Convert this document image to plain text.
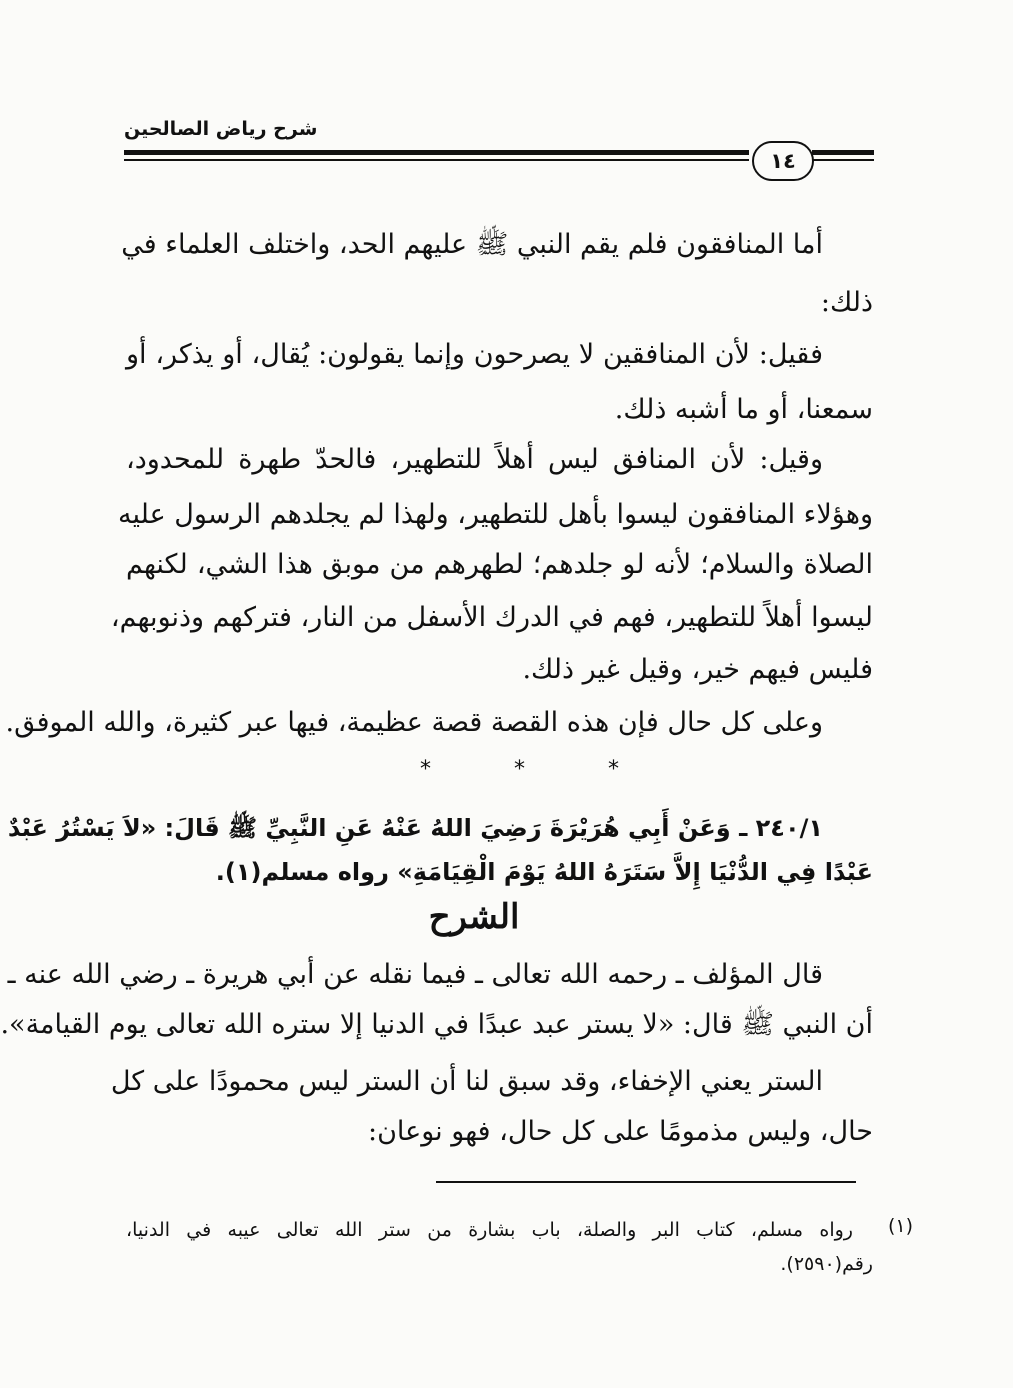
شرح رياض الصالحين
١٤
أما المنافقون فلم يقم النبي ﷺ عليهم الحد، واختلف العلماء في
ذلك:
فقيل: لأن المنافقين لا يصرحون وإنما يقولون: يُقال، أو يذكر، أو
سمعنا، أو ما أشبه ذلك.
وقيل: لأن المنافق ليس أهلاً للتطهير، فالحدّ طهرة للمحدود،
وهؤلاء المنافقون ليسوا بأهل للتطهير، ولهذا لم يجلدهم الرسول عليه
الصلاة والسلام؛ لأنه لو جلدهم؛ لطهرهم من موبق هذا الشي، لكنهم
ليسوا أهلاً للتطهير، فهم في الدرك الأسفل من النار، فتركهم وذنوبهم،
فليس فيهم خير، وقيل غير ذلك.
وعلى كل حال فإن هذه القصة قصة عظيمة، فيها عبر كثيرة، والله الموفق.
* * *
٢٤٠/١ ـ وَعَنْ أَبِي هُرَيْرَةَ رَضِيَ اللهُ عَنْهُ عَنِ النَّبِيِّ ﷺ قَالَ: «لاَ يَسْتُرُ عَبْدٌ
عَبْدًا فِي الدُّنْيَا إِلاَّ سَتَرَهُ اللهُ يَوْمَ الْقِيَامَةِ» رواه مسلم(١).
الشرح
قال المؤلف ـ رحمه الله تعالى ـ فيما نقله عن أبي هريرة ـ رضي الله عنه ـ
أن النبي ﷺ قال: «لا يستر عبد عبدًا في الدنيا إلا ستره الله تعالى يوم القيامة».
الستر يعني الإخفاء، وقد سبق لنا أن الستر ليس محمودًا على كل
حال، وليس مذمومًا على كل حال، فهو نوعان:
(١)
رواه مسلم، كتاب البر والصلة، باب بشارة من ستر الله تعالى عيبه في الدنيا،
رقم(٢٥٩٠).
